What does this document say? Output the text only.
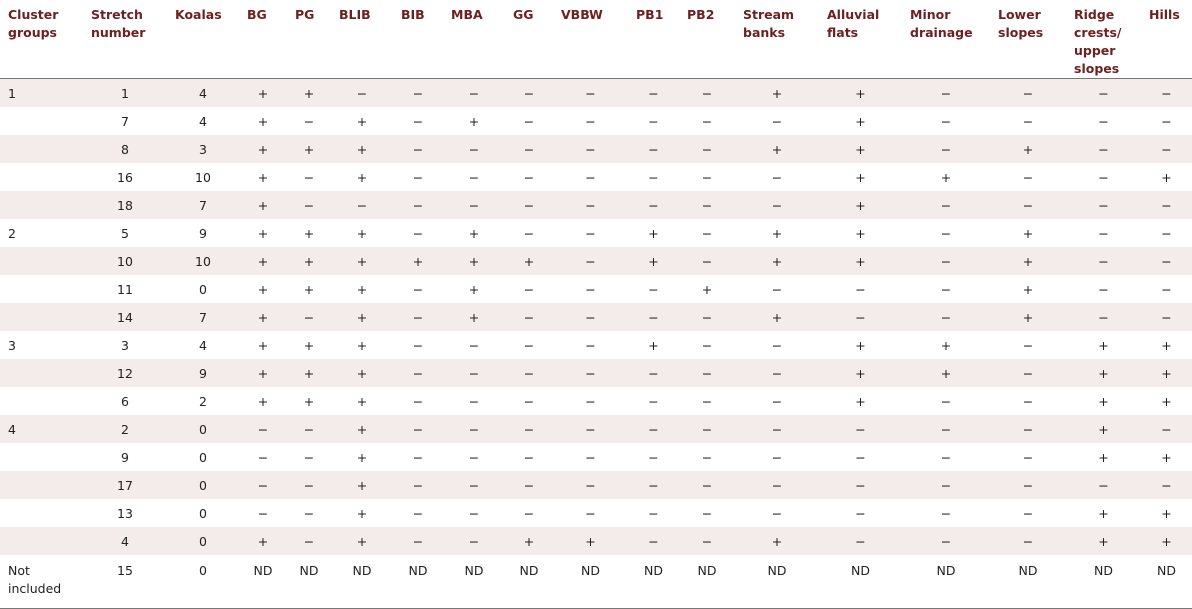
Cluster groups	Stretch number	Koalas	BG	PG	BLIB	BIB	MBA	GG	VBBW	PB1	PB2	Stream banks	Alluvial flats	Minor drainage	Lower slopes	Ridge crests/ upper slopes	Hills
1	1	4	+	+	−	−	−	−	−	−	−	+	+	−	−	−	−
	7	4	+	−	+	−	+	−	−	−	−	−	+	−	−	−	−
	8	3	+	+	+	−	−	−	−	−	−	+	+	−	+	−	−
	16	10	+	−	+	−	−	−	−	−	−	−	+	+	−	−	+
	18	7	+	−	−	−	−	−	−	−	−	−	+	−	−	−	−
2	5	9	+	+	+	−	+	−	−	+	−	+	+	−	+	−	−
	10	10	+	+	+	+	+	+	−	+	−	+	+	−	+	−	−
	11	0	+	+	+	−	+	−	−	−	+	−	−	−	+	−	−
	14	7	+	−	+	−	+	−	−	−	−	+	−	−	+	−	−
3	3	4	+	+	+	−	−	−	−	+	−	−	+	+	−	+	+
	12	9	+	+	+	−	−	−	−	−	−	−	+	+	−	+	+
	6	2	+	+	+	−	−	−	−	−	−	−	+	−	−	+	+
4	2	0	−	−	+	−	−	−	−	−	−	−	−	−	−	+	−
	9	0	−	−	+	−	−	−	−	−	−	−	−	−	−	+	+
	17	0	−	−	+	−	−	−	−	−	−	−	−	−	−	−	−
	13	0	−	−	+	−	−	−	−	−	−	−	−	−	−	+	+
	4	0	+	−	+	−	−	+	+	−	−	+	−	−	−	+	+
Not included	15	0	ND	ND	ND	ND	ND	ND	ND	ND	ND	ND	ND	ND	ND	ND	ND
